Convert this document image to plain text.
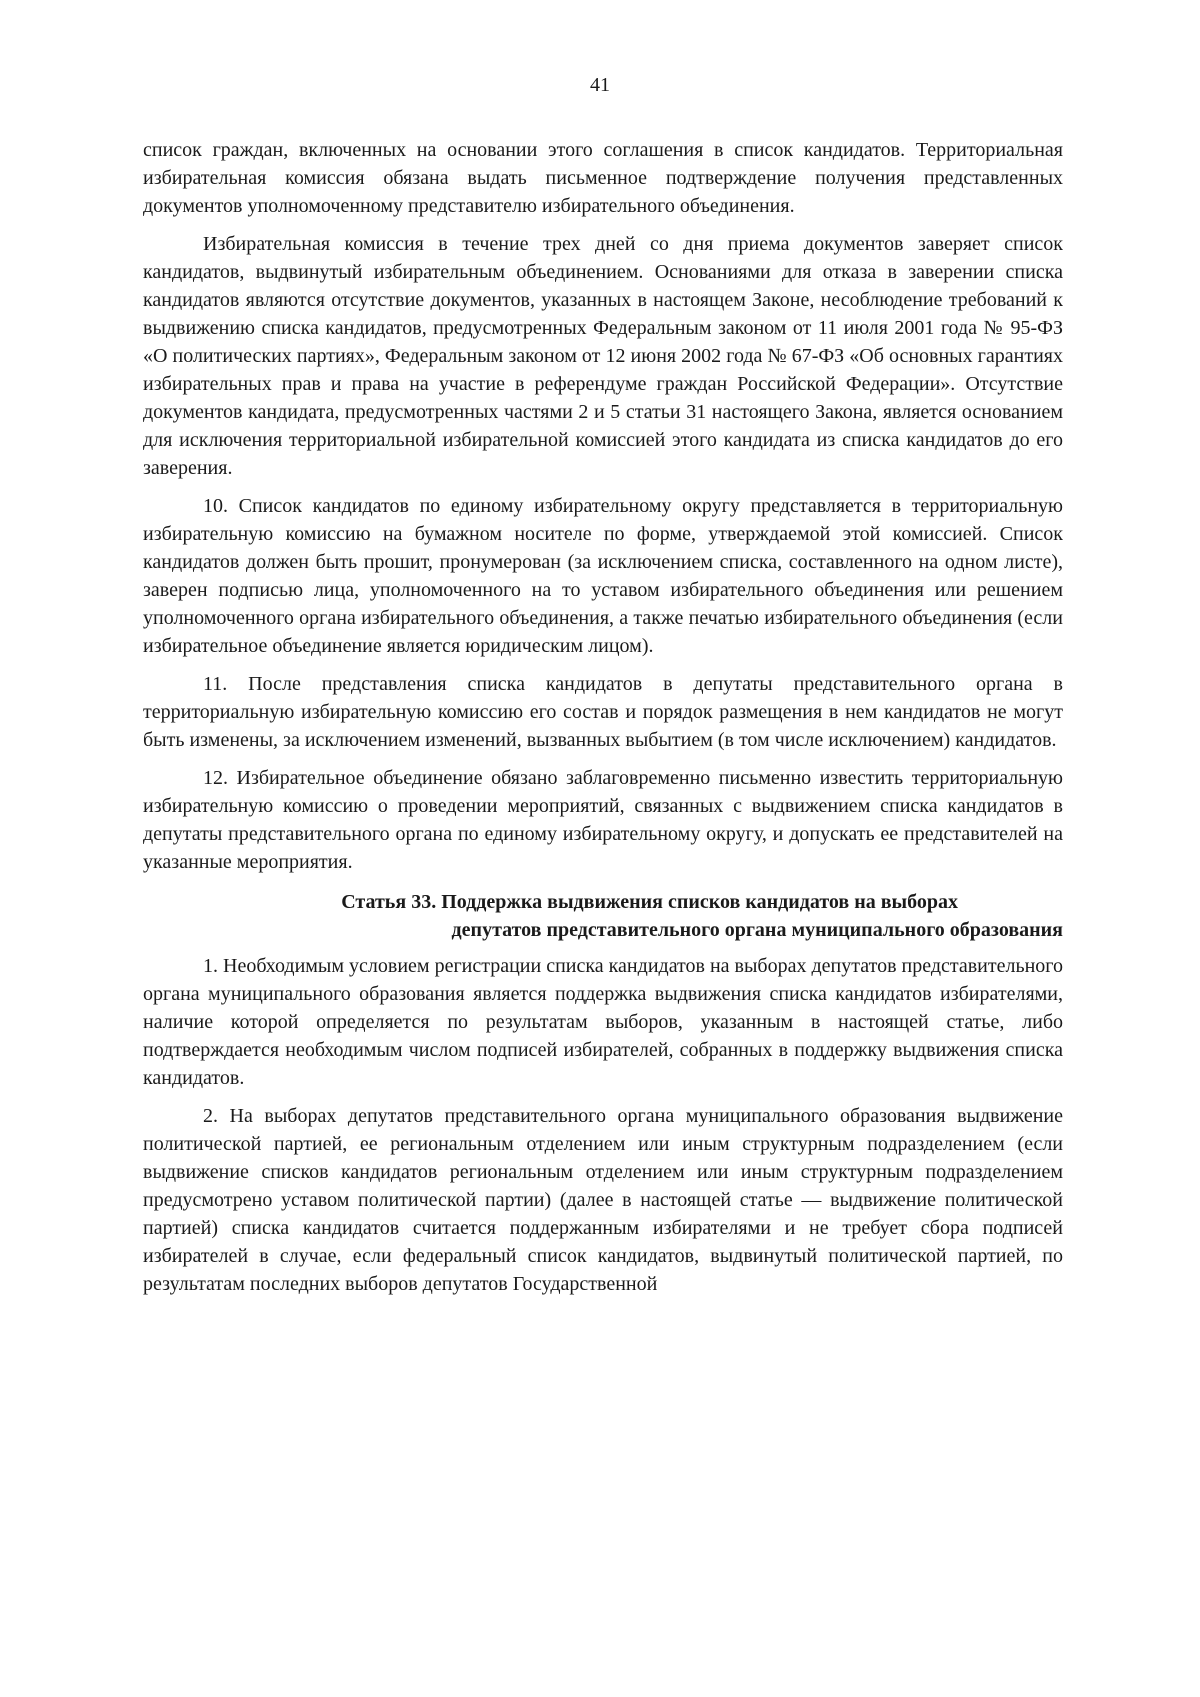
41

список граждан, включенных на основании этого соглашения в список кандидатов. Территориальная избирательная комиссия обязана выдать письменное подтверждение получения представленных документов уполномоченному представителю избирательного объединения.

Избирательная комиссия в течение трех дней со дня приема документов заверяет список кандидатов, выдвинутый избирательным объединением. Основаниями для отказа в заверении списка кандидатов являются отсутствие документов, указанных в настоящем Законе, несоблюдение требований к выдвижению списка кандидатов, предусмотренных Федеральным законом от 11 июля 2001 года № 95-ФЗ «О политических партиях», Федеральным законом от 12 июня 2002 года № 67-ФЗ «Об основных гарантиях избирательных прав и права на участие в референдуме граждан Российской Федерации». Отсутствие документов кандидата, предусмотренных частями 2 и 5 статьи 31 настоящего Закона, является основанием для исключения территориальной избирательной комиссией этого кандидата из списка кандидатов до его заверения.

10. Список кандидатов по единому избирательному округу представляется в территориальную избирательную комиссию на бумажном носителе по форме, утверждаемой этой комиссией. Список кандидатов должен быть прошит, пронумерован (за исключением списка, составленного на одном листе), заверен подписью лица, уполномоченного на то уставом избирательного объединения или решением уполномоченного органа избирательного объединения, а также печатью избирательного объединения (если избирательное объединение является юридическим лицом).

11. После представления списка кандидатов в депутаты представительного органа в территориальную избирательную комиссию его состав и порядок размещения в нем кандидатов не могут быть изменены, за исключением изменений, вызванных выбытием (в том числе исключением) кандидатов.

12. Избирательное объединение обязано заблаговременно письменно известить территориальную избирательную комиссию о проведении мероприятий, связанных с выдвижением списка кандидатов в депутаты представительного органа по единому избирательному округу, и допускать ее представителей на указанные мероприятия.

Статья 33. Поддержка выдвижения списков кандидатов на выборах
депутатов представительного органа муниципального образования

1. Необходимым условием регистрации списка кандидатов на выборах депутатов представительного органа муниципального образования является поддержка выдвижения списка кандидатов избирателями, наличие которой определяется по результатам выборов, указанным в настоящей статье, либо подтверждается необходимым числом подписей избирателей, собранных в поддержку выдвижения списка кандидатов.

2. На выборах депутатов представительного органа муниципального образования выдвижение политической партией, ее региональным отделением или иным структурным подразделением (если выдвижение списков кандидатов региональным отделением или иным структурным подразделением предусмотрено уставом политической партии) (далее в настоящей статье — выдвижение политической партией) списка кандидатов считается поддержанным избирателями и не требует сбора подписей избирателей в случае, если федеральный список кандидатов, выдвинутый политической партией, по результатам последних выборов депутатов Государственной
